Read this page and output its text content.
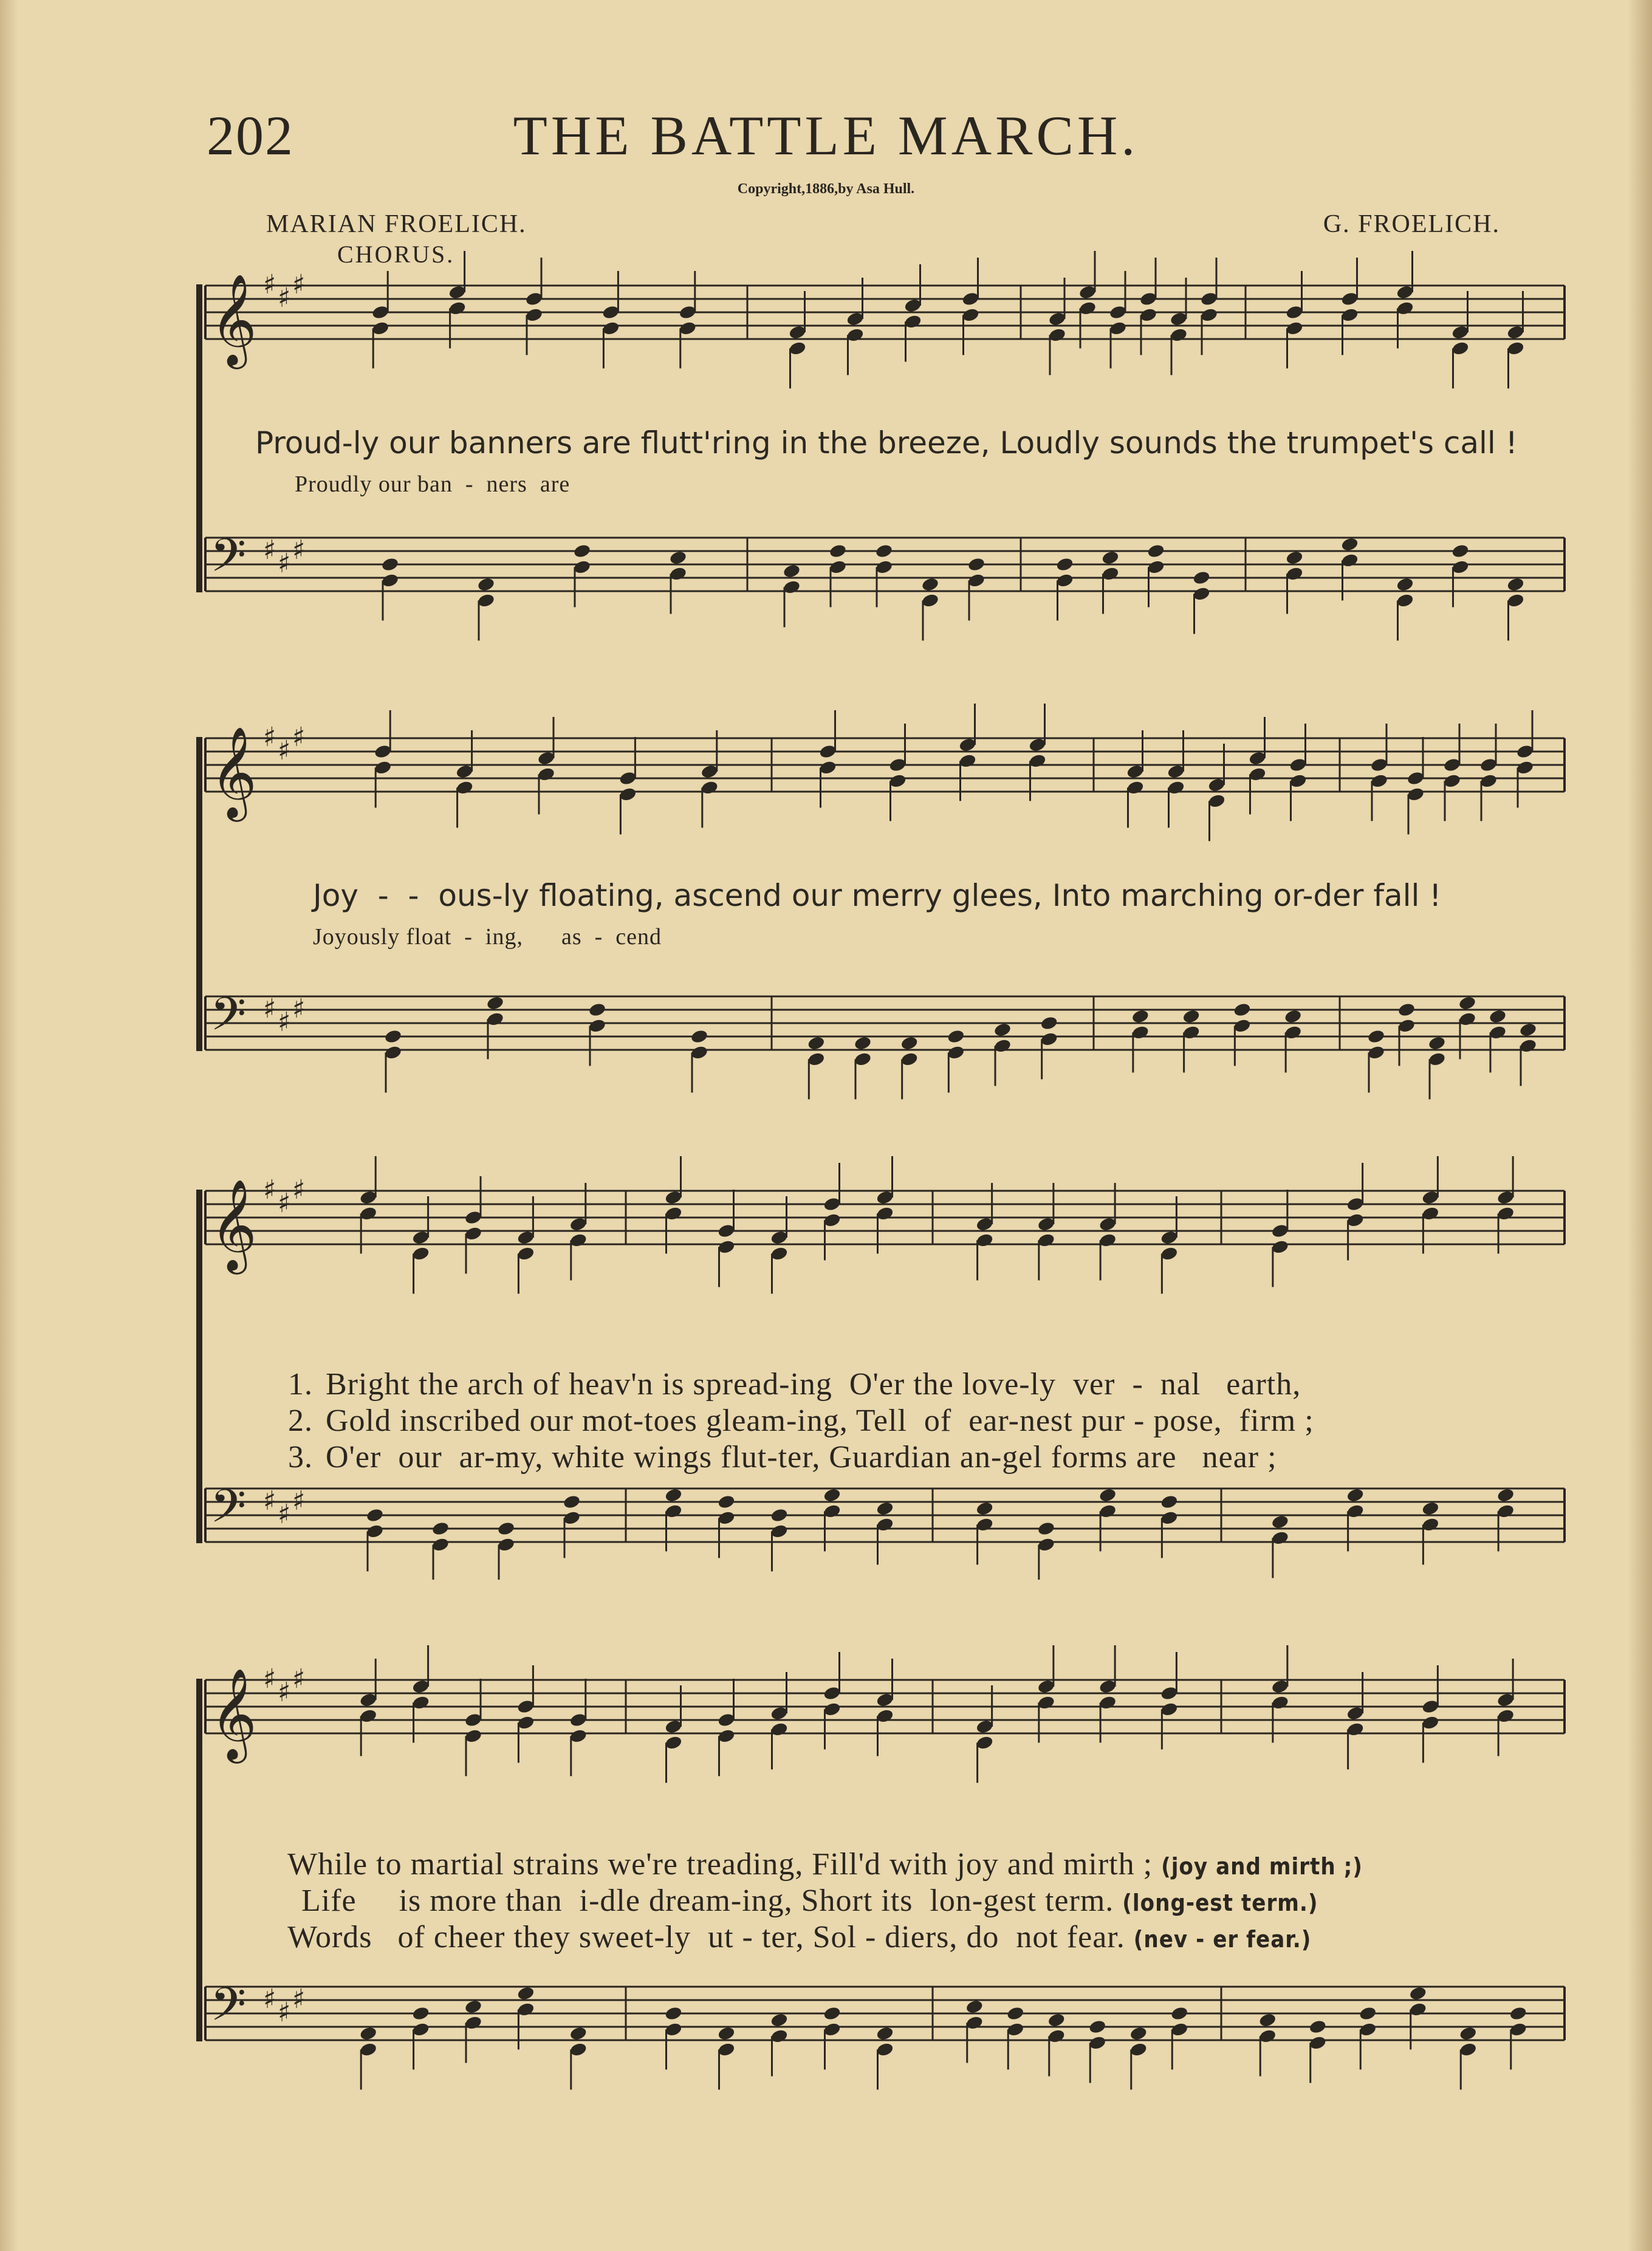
202	THE BATTLE MARCH.
Copyright,1886,by Asa Hull.
MARIAN FROELICH.	G. FROELICH.
CHORUS.
𝄞 ♯ ♯ ♯
𝄢 ♯ ♯ ♯
Proud-ly our banners are flutt'ring in the breeze, Loudly sounds the trumpet's call !
Proudly our ban  -  ners  are
𝄞 ♯ ♯ ♯
𝄢 ♯ ♯ ♯
Joy  -  -  ous-ly floating, ascend our merry glees, Into marching or-der fall !
Joyously float  -  ing,      as  -  cend
𝄞 ♯ ♯ ♯
𝄢 ♯ ♯ ♯

1. Bright the arch of heav'n is spread-ing  O'er the love-ly  ver  -  nal   earth,

2. Gold inscribed our mot-toes gleam-ing, Tell  of  ear-nest pur - pose,  firm ;

3. O'er  our  ar-my, white wings flut-ter, Guardian an-gel forms are   near ;

𝄞 ♯ ♯ ♯
𝄢 ♯ ♯ ♯

While to martial strains we're treading, Fill'd with joy and mirth ; (joy and mirth ;)

Life     is more than  i-dle dream-ing, Short its  lon-gest term. (long-est term.)

Words   of cheer they sweet-ly  ut - ter, Sol - diers, do  not fear. (nev - er fear.)
